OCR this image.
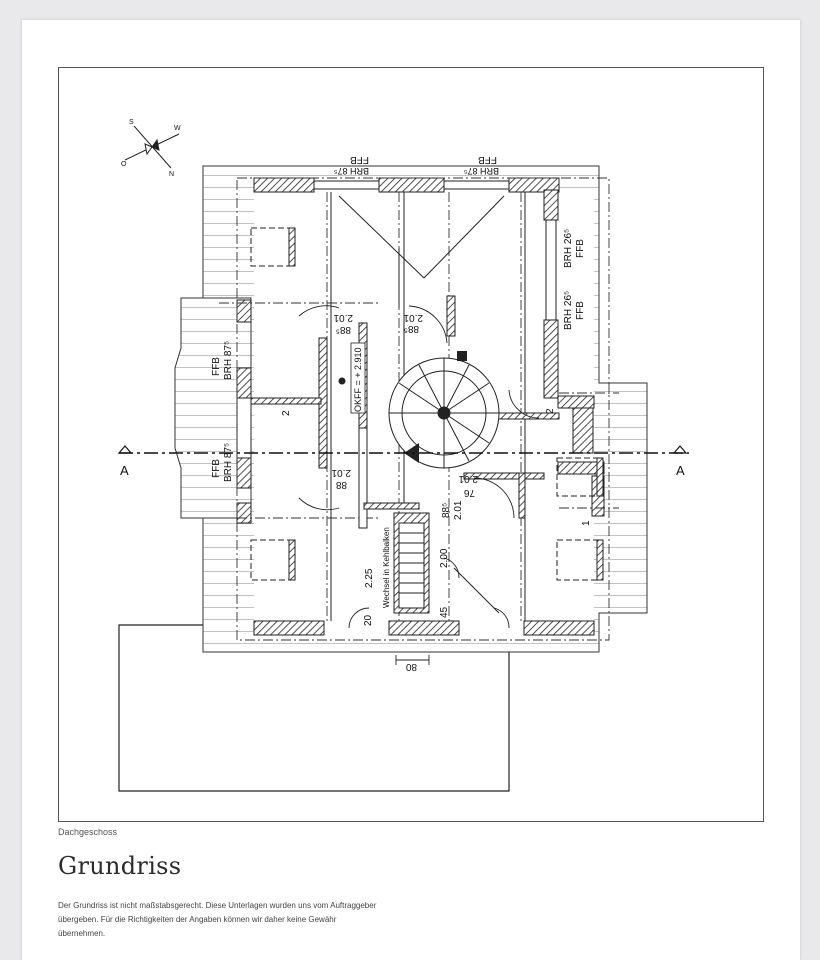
A	A
FFB
BRH 87⁵
FFB
BRH 87⁵
BRH 26⁵ FFB
BRH 26⁵ FFB
FFB BRH 87⁵
FFB BRH 87⁵
2.01
88⁵
2.01
88⁵
2.01
88
2.01
76
OKFF = + 2.910
2	2
1
88⁵ 2.01
2.25
2.00
45
20
Wechsel in Kehlbalken
80
S
W
O
N
Dachgeschoss
Grundriss
Der Grundriss ist nicht maßstabsgerecht. Diese Unterlagen wurden uns vom Auftraggeber übergeben. Für die Richtigkeiten der Angaben können wir daher keine Gewähr übernehmen.
